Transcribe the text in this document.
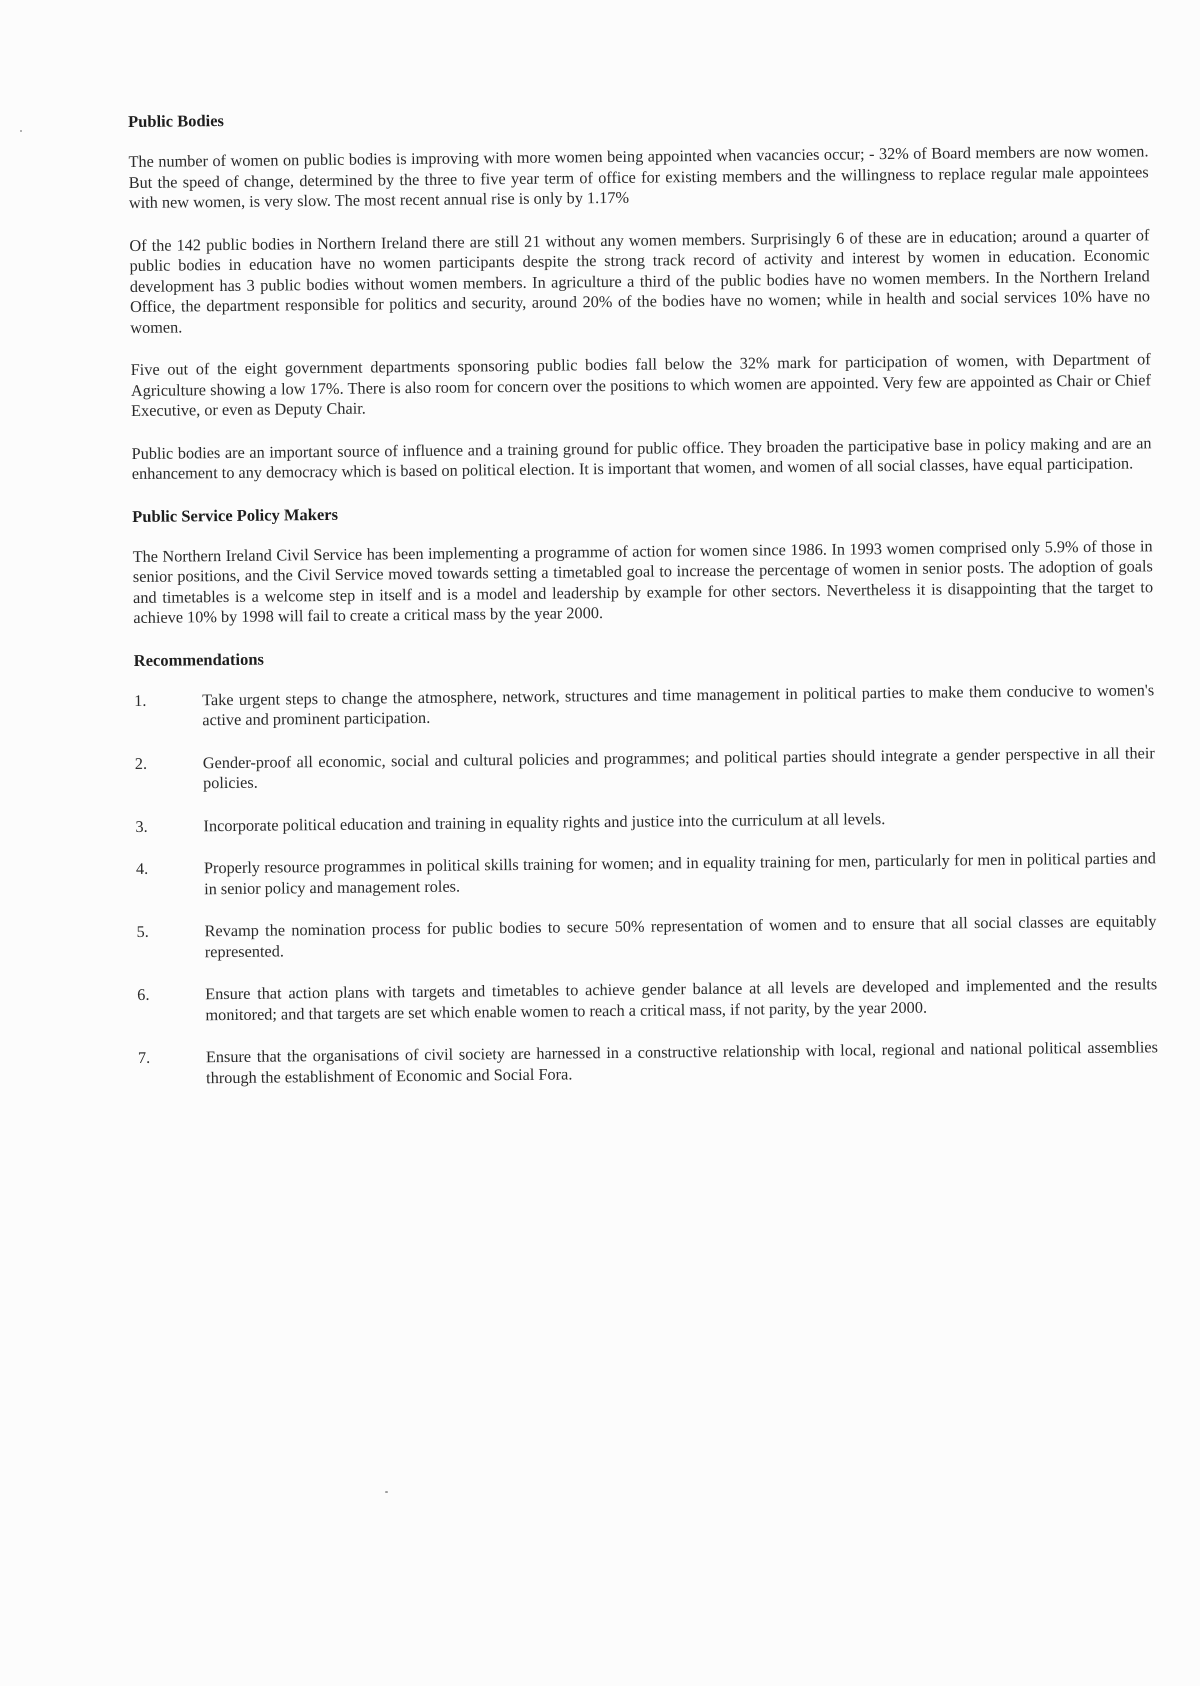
Public Bodies

The number of women on public bodies is improving with more women being appointed when vacancies occur; - 32% of Board members are now women. But the speed of change, determined by the three to five year term of office for existing members and the willingness to replace regular male appointees with new women, is very slow. The most recent annual rise is only by 1.17%

Of the 142 public bodies in Northern Ireland there are still 21 without any women members. Surprisingly 6 of these are in education; around a quarter of public bodies in education have no women participants despite the strong track record of activity and interest by women in education. Economic development has 3 public bodies without women members. In agriculture a third of the public bodies have no women members. In the Northern Ireland Office, the department responsible for politics and security, around 20% of the bodies have no women; while in health and social services 10% have no women.

Five out of the eight government departments sponsoring public bodies fall below the 32% mark for participation of women, with Department of Agriculture showing a low 17%. There is also room for concern over the positions to which women are appointed. Very few are appointed as Chair or Chief Executive, or even as Deputy Chair.

Public bodies are an important source of influence and a training ground for public office. They broaden the participative base in policy making and are an enhancement to any democracy which is based on political election. It is important that women, and women of all social classes, have equal participation.

Public Service Policy Makers

The Northern Ireland Civil Service has been implementing a programme of action for women since 1986. In 1993 women comprised only 5.9% of those in senior positions, and the Civil Service moved towards setting a timetabled goal to increase the percentage of women in senior posts. The adoption of goals and timetables is a welcome step in itself and is a model and leadership by example for other sectors. Nevertheless it is disappointing that the target to achieve 10% by 1998 will fail to create a critical mass by the year 2000.

Recommendations
1.	Take urgent steps to change the atmosphere, network, structures and time management in political parties to make them conducive to women's active and prominent participation.
2.	Gender-proof all economic, social and cultural policies and programmes; and political parties should integrate a gender perspective in all their policies.
3.	Incorporate political education and training in equality rights and justice into the curriculum at all levels.
4.	Properly resource programmes in political skills training for women; and in equality training for men, particularly for men in political parties and in senior policy and management roles.
5.	Revamp the nomination process for public bodies to secure 50% representation of women and to ensure that all social classes are equitably represented.
6.	Ensure that action plans with targets and timetables to achieve gender balance at all levels are developed and implemented and the results monitored; and that targets are set which enable women to reach a critical mass, if not parity, by the year 2000.
7.	Ensure that the organisations of civil society are harnessed in a constructive relationship with local, regional and national political assemblies through the establishment of Economic and Social Fora.
